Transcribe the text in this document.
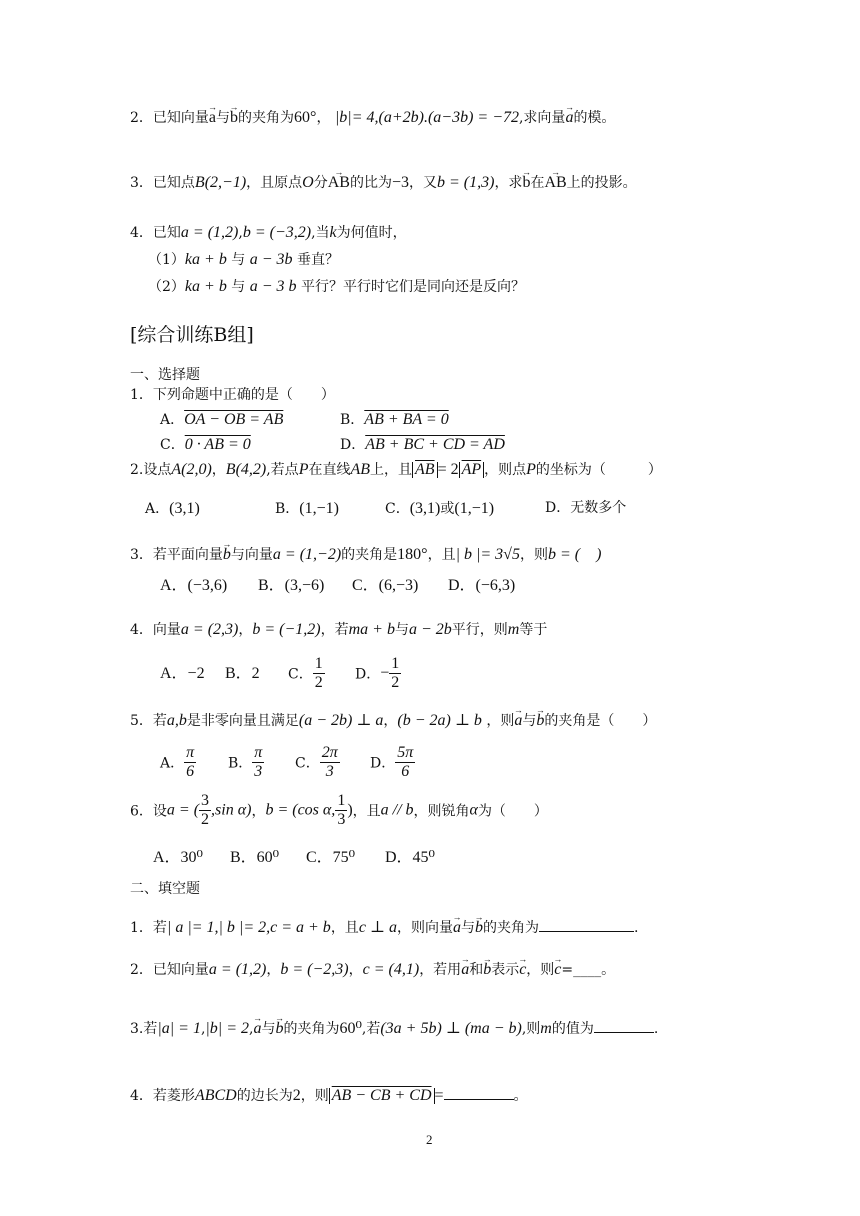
2．已知向量→ a与→ b的夹角为60°， |b|= 4,(a+2b).(a−3b) = −72,求向量→ a的模。
3．已知点B(2,−1)，且原点O分→ AB的比为−3，又b = (1,3)，求→ b在→ AB上的投影。
4．已知a = (1,2),b = (−3,2),当k为何值时，
（1）ka + b 与 a − 3b 垂直？
（2）ka + b 与 a − 3 b 平行？平行时它们是同向还是反向？
[综合训练B组]
一、选择题
1．下列命题中正确的是（　　）
A．OA − OB = AB	B．AB + BA = 0
C．0 · AB = 0	D．AB + BC + CD = AD
2.设点A(2,0)，B(4,2),若点P在直线AB上，且 $\overline{AB} = 2$ $\overline{AP}$ ，则点P的坐标为（　　　）
A．(3,1)	B．(1,−1)	C．(3,1)或(1,−1)	D．无数多个
3．若平面向量→ b与向量a = (1,−2)的夹角是180°，且| b |= 3√5，则b = (　)
A．(−3,6) B．(3,−6) C．(6,−3) D．(−6,3)
4．向量a = (2,3)，b = (−1,2)，若ma + b与a − 2b平行，则m等于
A．−2 B．2 C． $\frac{1}{2}$ D．− $\frac{1}{2}$
5．若a,b是非零向量且满足(a − 2b) ⊥ a，(b − 2a) ⊥ b ，则→ a与→ b的夹角是（　　）
A． $\frac{\pi}{6}$ B． $\frac{\pi}{3}$ C． $\frac{2\pi}{3}$ D． $\frac{5\pi}{6}$
6．设a = ( $\frac{3}{2} ,\sin$ α)，b = (cos α, $\frac{1}{3}$ )，且a // b，则锐角α为（　　）
A．30⁰ B．60⁰ C．75⁰ D．45⁰
二、填空题
1．若| a |= 1,| b |= 2,c = a + b，且c ⊥ a，则向量→ a与→ b的夹角为	.
2．已知向量a = (1,2)，b = (−2,3)，c = (4,1)，若用→ a和→ b表示→ c，则→ c=____。
3.若|a| = 1,|b| = 2,→ a与→ b的夹角为60⁰,若(3a + 5b) ⊥ (ma − b),则m的值为	.
4．若菱形ABCD的边长为2，则 AB − CB + CD =	。
2
